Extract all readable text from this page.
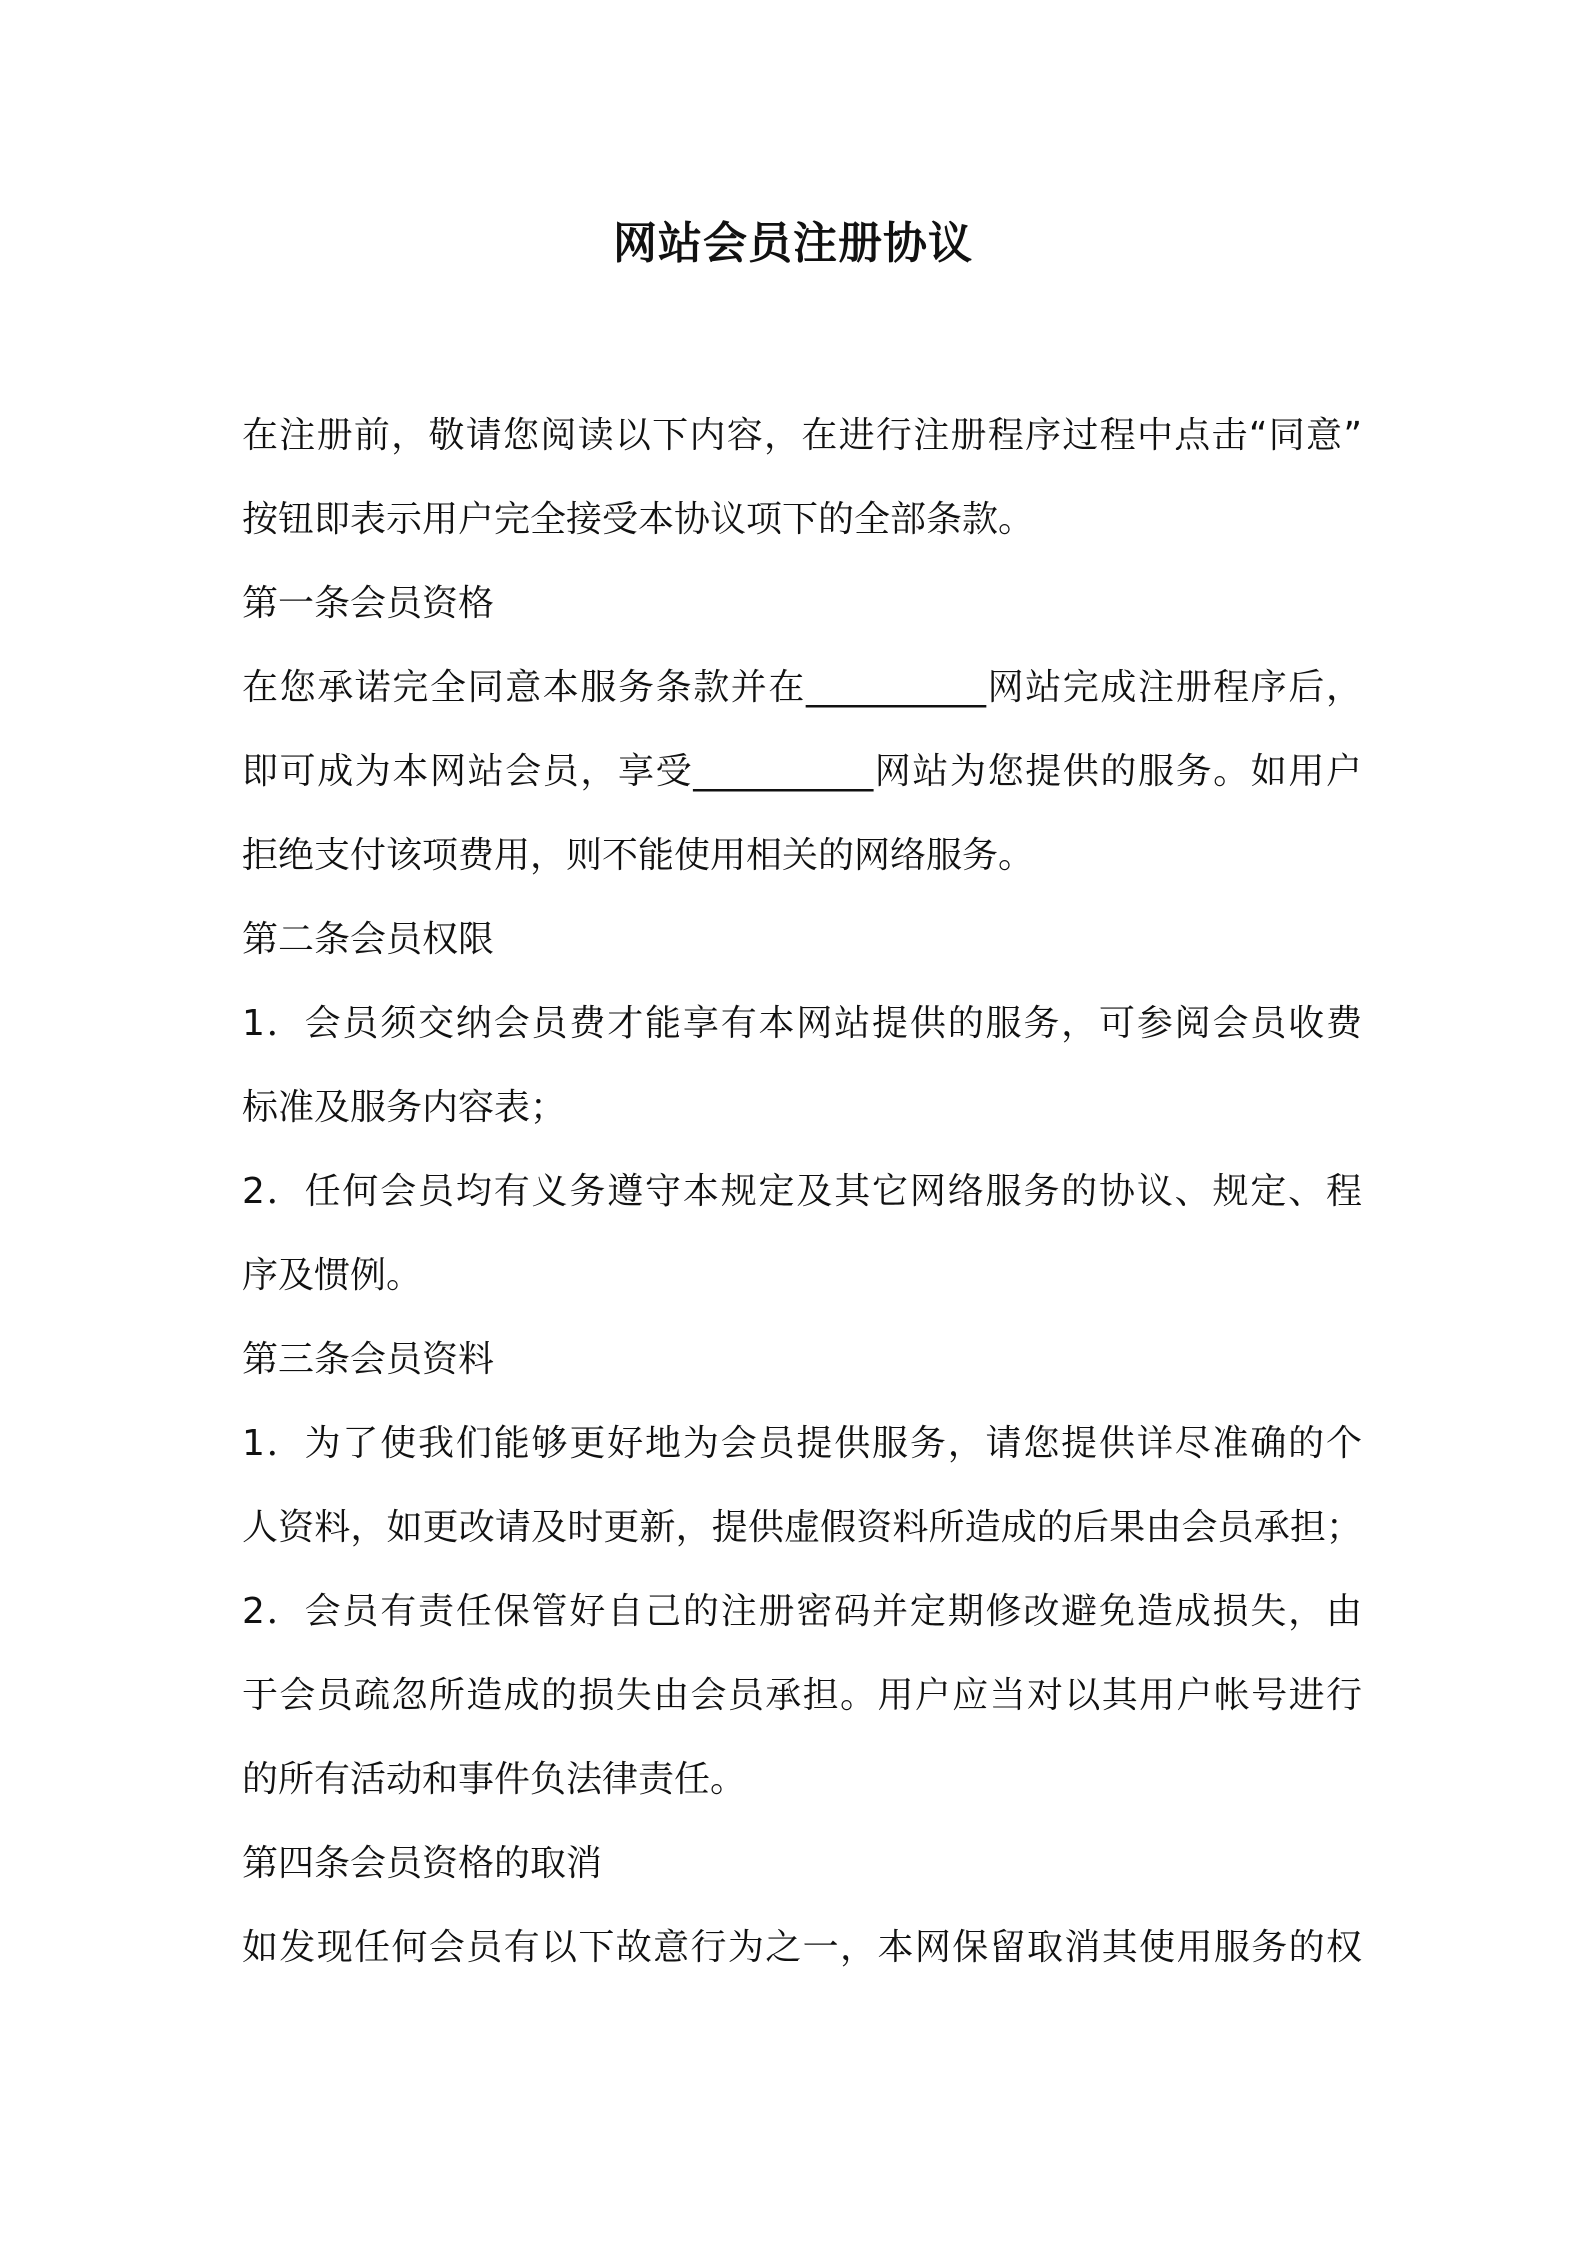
网站会员注册协议
在注册前，敬请您阅读以下内容，在进行注册程序过程中点击“同意”
按钮即表示用户完全接受本协议项下的全部条款。
第一条会员资格
在您承诺完全同意本服务条款并在__________网站完成注册程序后，
即可成为本网站会员，享受__________网站为您提供的服务。如用户
拒绝支付该项费用，则不能使用相关的网络服务。
第二条会员权限
1．会员须交纳会员费才能享有本网站提供的服务，可参阅会员收费
标准及服务内容表；
2．任何会员均有义务遵守本规定及其它网络服务的协议、规定、程
序及惯例。
第三条会员资料
1．为了使我们能够更好地为会员提供服务，请您提供详尽准确的个
人资料，如更改请及时更新，提供虚假资料所造成的后果由会员承担；
2．会员有责任保管好自己的注册密码并定期修改避免造成损失，由
于会员疏忽所造成的损失由会员承担。用户应当对以其用户帐号进行
的所有活动和事件负法律责任。
第四条会员资格的取消
如发现任何会员有以下故意行为之一，本网保留取消其使用服务的权
